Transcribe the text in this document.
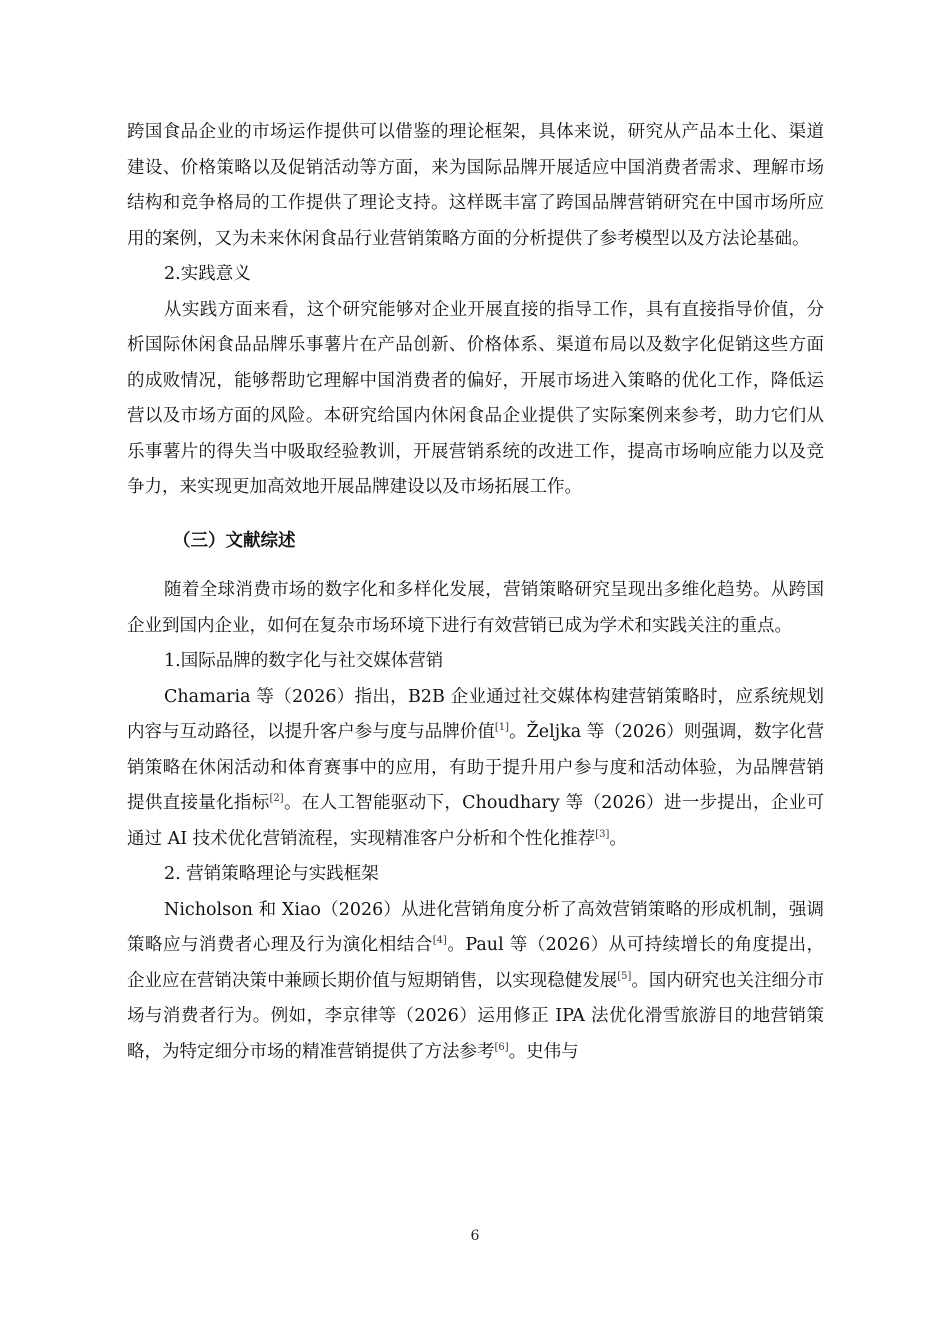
跨国食品企业的市场运作提供可以借鉴的理论框架，具体来说，研究从产品本土化、渠道建设、价格策略以及促销活动等方面，来为国际品牌开展适应中国消费者需求、理解市场结构和竞争格局的工作提供了理论支持。这样既丰富了跨国品牌营销研究在中国市场所应用的案例，又为未来休闲食品行业营销策略方面的分析提供了参考模型以及方法论基础。

2.实践意义

从实践方面来看，这个研究能够对企业开展直接的指导工作，具有直接指导价值，分析国际休闲食品品牌乐事薯片在产品创新、价格体系、渠道布局以及数字化促销这些方面的成败情况，能够帮助它理解中国消费者的偏好，开展市场进入策略的优化工作，降低运营以及市场方面的风险。本研究给国内休闲食品企业提供了实际案例来参考，助力它们从乐事薯片的得失当中吸取经验教训，开展营销系统的改进工作，提高市场响应能力以及竞争力，来实现更加高效地开展品牌建设以及市场拓展工作。

（三）文献综述

随着全球消费市场的数字化和多样化发展，营销策略研究呈现出多维化趋势。从跨国企业到国内企业，如何在复杂市场环境下进行有效营销已成为学术和实践关注的重点。

1.国际品牌的数字化与社交媒体营销

Chamaria 等（2026）指出，B2B 企业通过社交媒体构建营销策略时，应系统规划内容与互动路径，以提升客户参与度与品牌价值[1]。Željka 等（2026）则强调，数字化营销策略在休闲活动和体育赛事中的应用，有助于提升用户参与度和活动体验，为品牌营销提供直接量化指标[2]。在人工智能驱动下，Choudhary 等（2026）进一步提出，企业可通过 AI 技术优化营销流程，实现精准客户分析和个性化推荐[3]。

2. 营销策略理论与实践框架

Nicholson 和 Xiao（2026）从进化营销角度分析了高效营销策略的形成机制，强调策略应与消费者心理及行为演化相结合[4]。Paul 等（2026）从可持续增长的角度提出，企业应在营销决策中兼顾长期价值与短期销售，以实现稳健发展[5]。国内研究也关注细分市场与消费者行为。例如，李京律等（2026）运用修正 IPA 法优化滑雪旅游目的地营销策略，为特定细分市场的精准营销提供了方法参考[6]。史伟与

6
